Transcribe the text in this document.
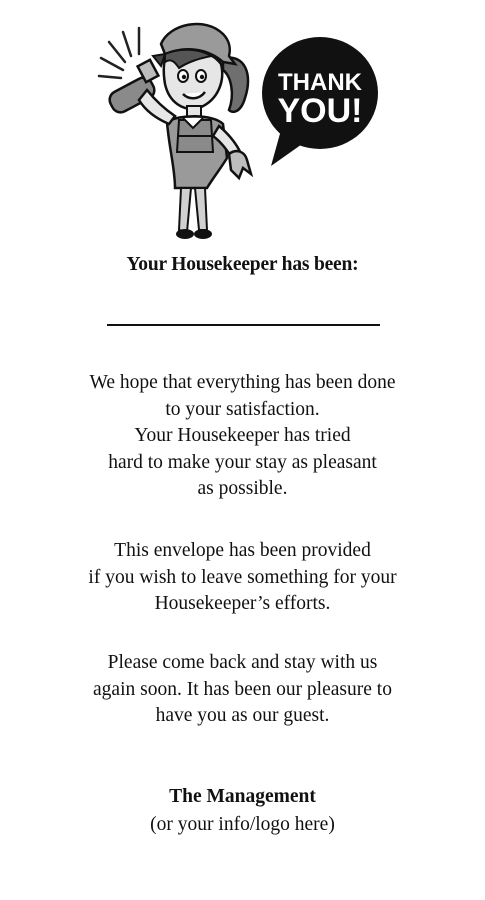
THANK
YOU!
Your Housekeeper has been:
We hope that everything has been done
to your satisfaction.
Your Housekeeper has tried
hard to make your stay as pleasant
as possible.
This envelope has been provided
if you wish to leave something for your
Housekeeper’s efforts.
Please come back and stay with us
again soon. It has been our pleasure to
have you as our guest.
The Management
(or your info/logo here)
